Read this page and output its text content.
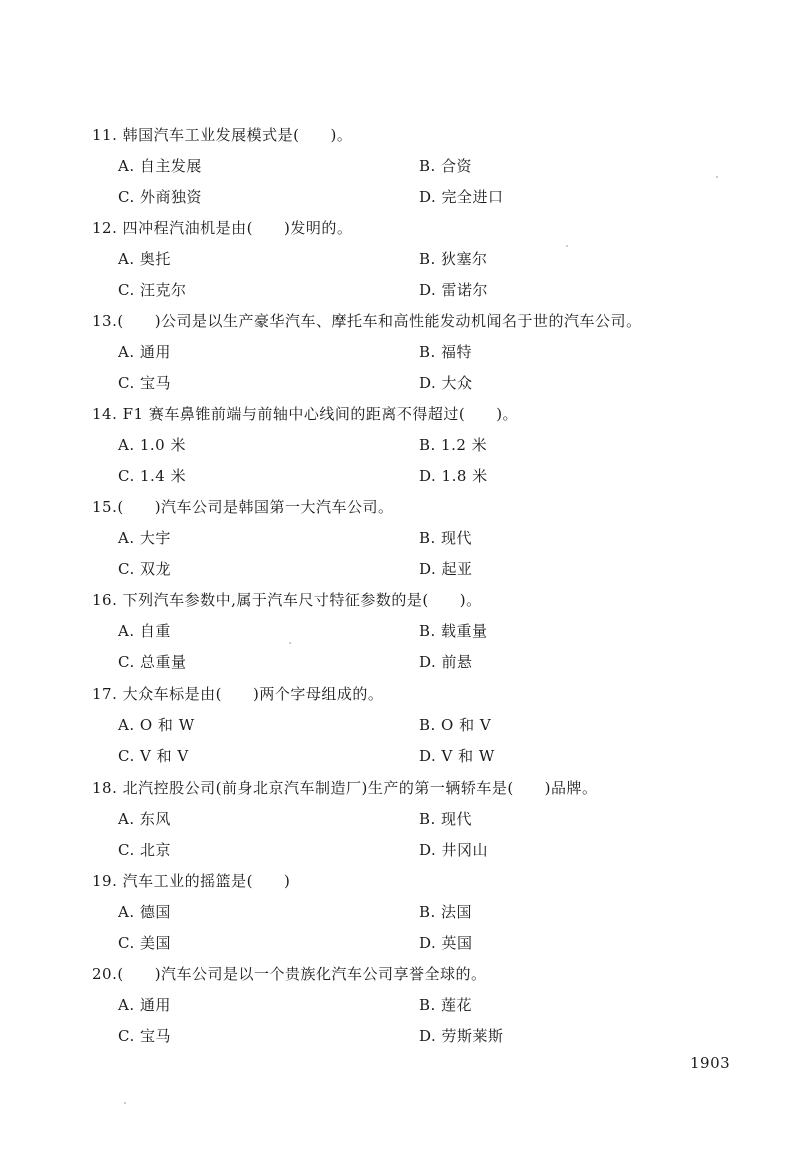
11. 韩国汽车工业发展模式是(　　)。
A. 自主发展	B. 合资
C. 外商独资	D. 完全进口
12. 四冲程汽油机是由(　　)发明的。
A. 奥托	B. 狄塞尔
C. 汪克尔	D. 雷诺尔
13.(　　)公司是以生产豪华汽车、摩托车和高性能发动机闻名于世的汽车公司。
A. 通用	B. 福特
C. 宝马	D. 大众
14. F1 赛车鼻锥前端与前轴中心线间的距离不得超过(　　)。
A. 1.0 米	B. 1.2 米
C. 1.4 米	D. 1.8 米
15.(　　)汽车公司是韩国第一大汽车公司。
A. 大宇	B. 现代
C. 双龙	D. 起亚
16. 下列汽车参数中,属于汽车尺寸特征参数的是(　　)。
A. 自重	B. 载重量
C. 总重量	D. 前悬
17. 大众车标是由(　　)两个字母组成的。
A. O 和 W	B. O 和 V
C. V 和 V	D. V 和 W
18. 北汽控股公司(前身北京汽车制造厂)生产的第一辆轿车是(　　)品牌。
A. 东风	B. 现代
C. 北京	D. 井冈山
19. 汽车工业的摇篮是(　　)
A. 德国	B. 法国
C. 美国	D. 英国
20.(　　)汽车公司是以一个贵族化汽车公司享誉全球的。
A. 通用	B. 莲花
C. 宝马	D. 劳斯莱斯
1903
